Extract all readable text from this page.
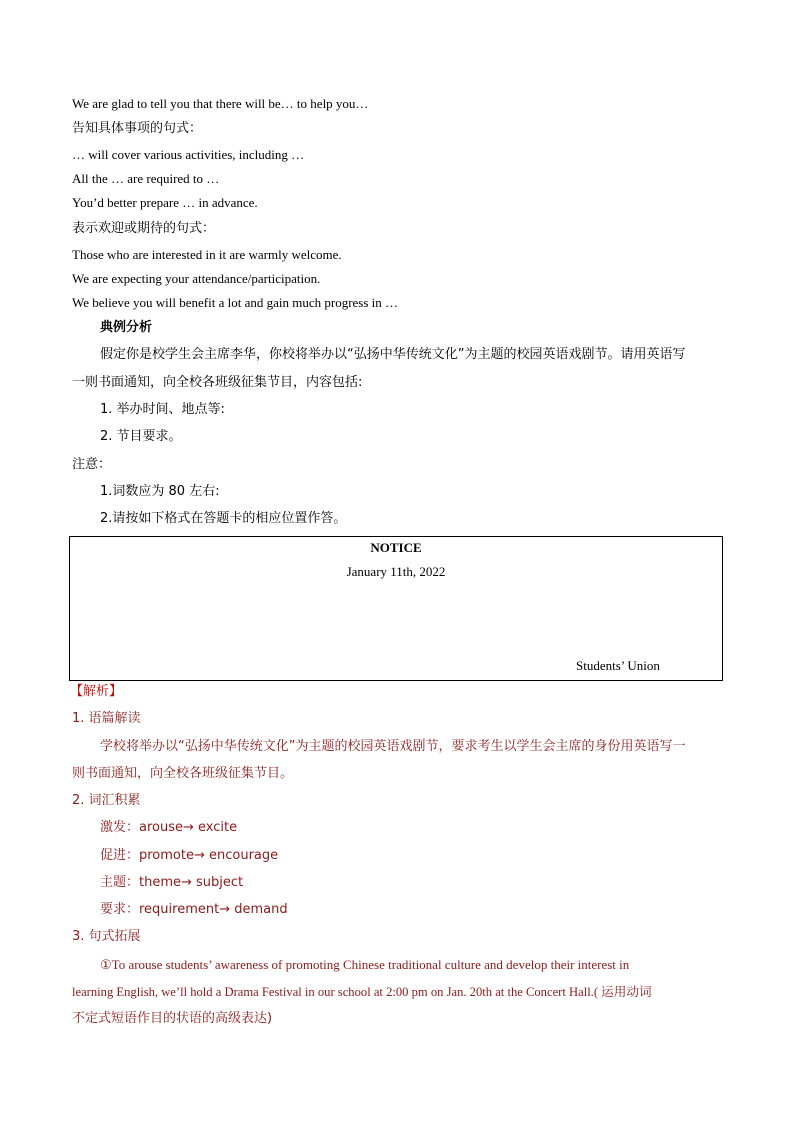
We are glad to tell you that there will be… to help you…
告知具体事项的句式：
… will cover various activities, including …
All the … are required to …
You’d better prepare … in advance.
表示欢迎或期待的句式：
Those who are interested in it are warmly welcome.
We are expecting your attendance/participation.
We believe you will benefit a lot and gain much progress in …
典例分析
假定你是校学生会主席李华，你校将举办以“弘扬中华传统文化”为主题的校园英语戏剧节。请用英语写
一则书面通知，向全校各班级征集节目，内容包括:
1. 举办时间、地点等:
2. 节目要求。
注意：
1.词数应为 80 左右:
2.请按如下格式在答题卡的相应位置作答。
NOTICE
January 11th, 2022
Students’ Union
【解析】
1. 语篇解读
学校将举办以“弘扬中华传统文化”为主题的校园英语戏剧节，要求考生以学生会主席的身份用英语写一
则书面通知，向全校各班级征集节目。
2. 词汇积累
激发：arouse→ excite
促进：promote→ encourage
主题：theme→ subject
要求：requirement→ demand
3. 句式拓展
①To arouse students’ awareness of promoting Chinese traditional culture and develop their interest in
learning English, we’ll hold a Drama Festival in our school at 2:00 pm on Jan. 20th at the Concert Hall.( 运用动词
不定式短语作目的状语的高级表达)
